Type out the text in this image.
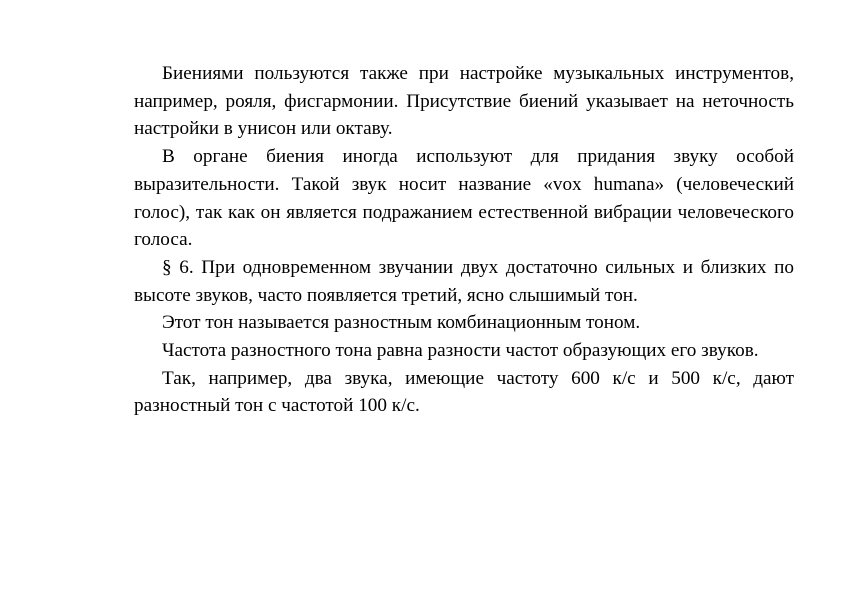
Биениями пользуются также при настройке музыкальных инструментов, например, рояля, фисгармонии. Присутствие биений указывает на неточность настройки в унисон или октаву.

В органе биения иногда используют для придания звуку особой выразительности. Такой звук носит название «vox humana» (человеческий голос), так как он является подражанием естественной вибрации человеческого голоса.

§ 6. При одновременном звучании двух достаточно сильных и близких по высоте звуков, часто появляется третий, ясно слышимый тон.

Этот тон называется разностным комбинационным тоном.

Частота разностного тона равна разности частот образующих его звуков.

Так, например, два звука, имеющие частоту 600 к/с и 500 к/с, дают разностный тон с частотой 100 к/с.
